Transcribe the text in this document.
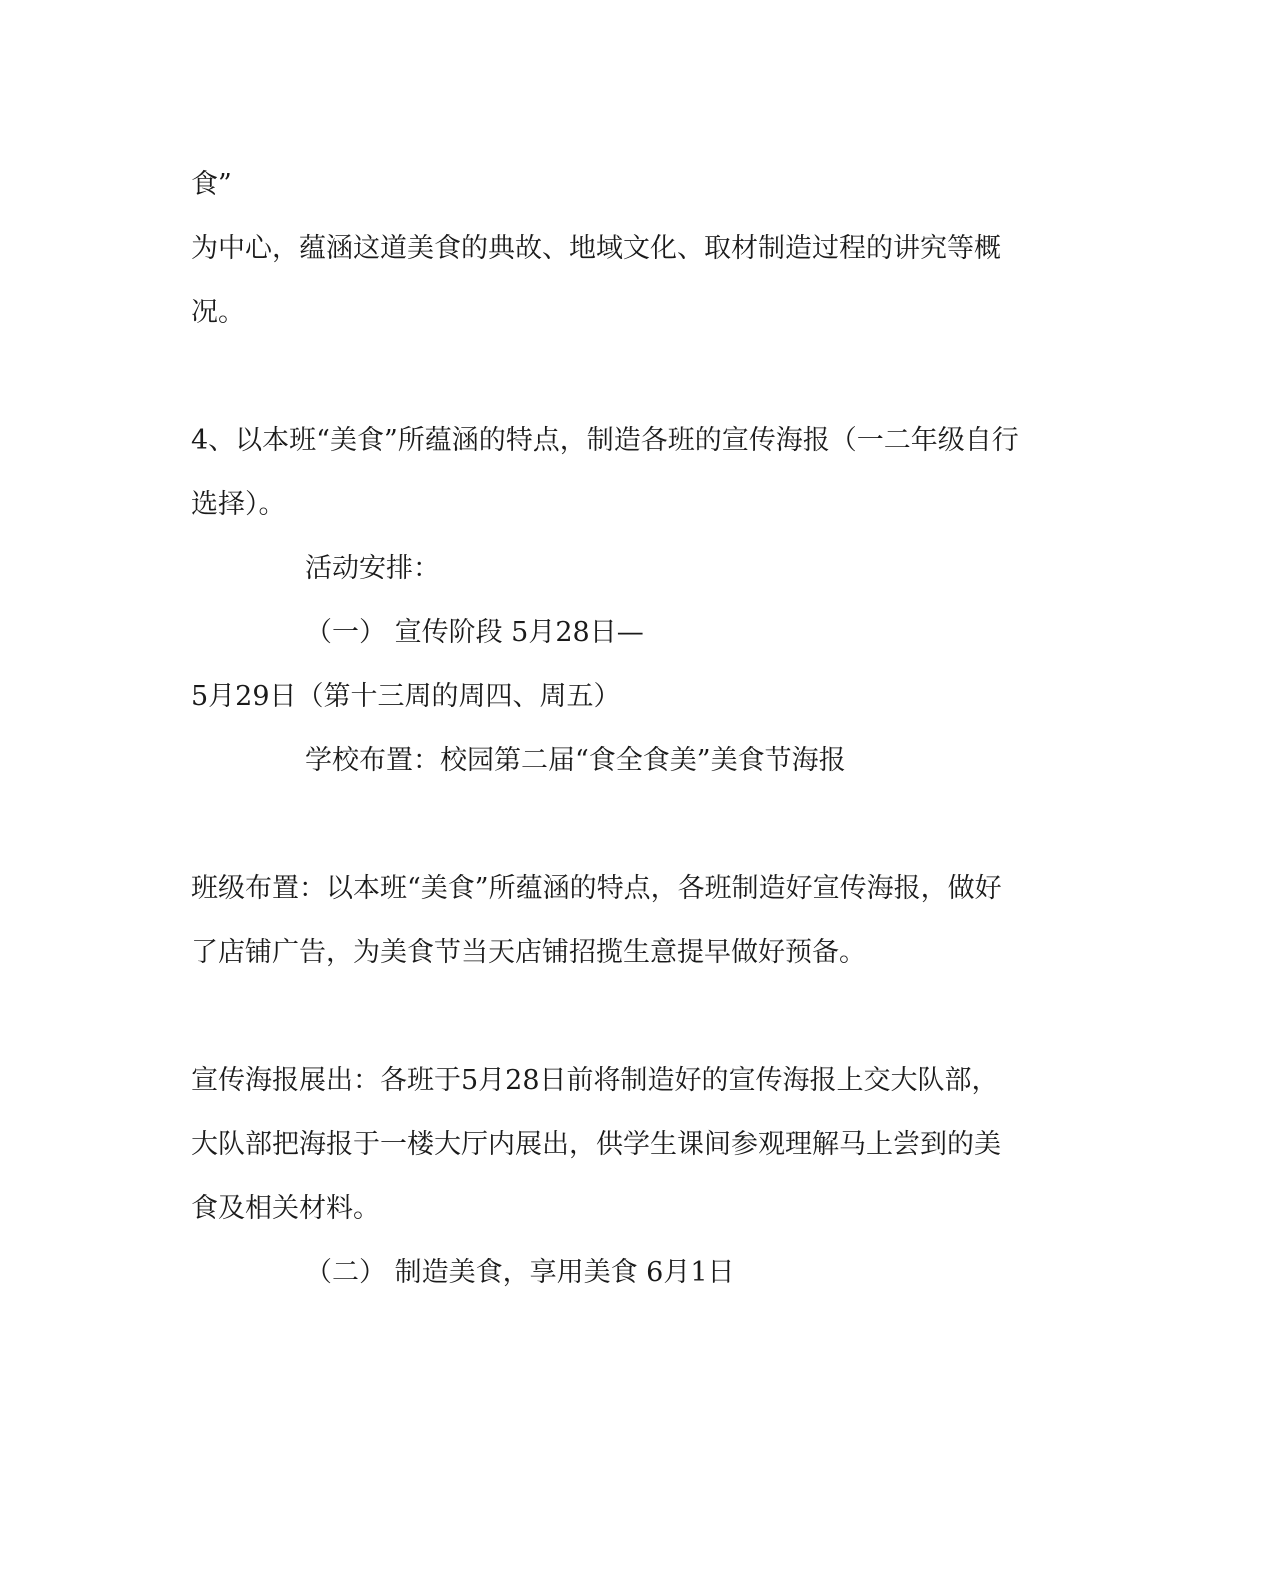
食”
为中心，蕴涵这道美食的典故、地域文化、取材制造过程的讲究等概
况。
4、以本班“美食”所蕴涵的特点，制造各班的宣传海报（一二年级自行
选择）。
活动安排：
（一） 宣传阶段 5月28日—
5月29日（第十三周的周四、周五）
学校布置：校园第二届“食全食美”美食节海报
班级布置：以本班“美食”所蕴涵的特点，各班制造好宣传海报，做好
了店铺广告，为美食节当天店铺招揽生意提早做好预备。
宣传海报展出：各班于5月28日前将制造好的宣传海报上交大队部，
大队部把海报于一楼大厅内展出，供学生课间参观理解马上尝到的美
食及相关材料。
（二） 制造美食，享用美食 6月1日
